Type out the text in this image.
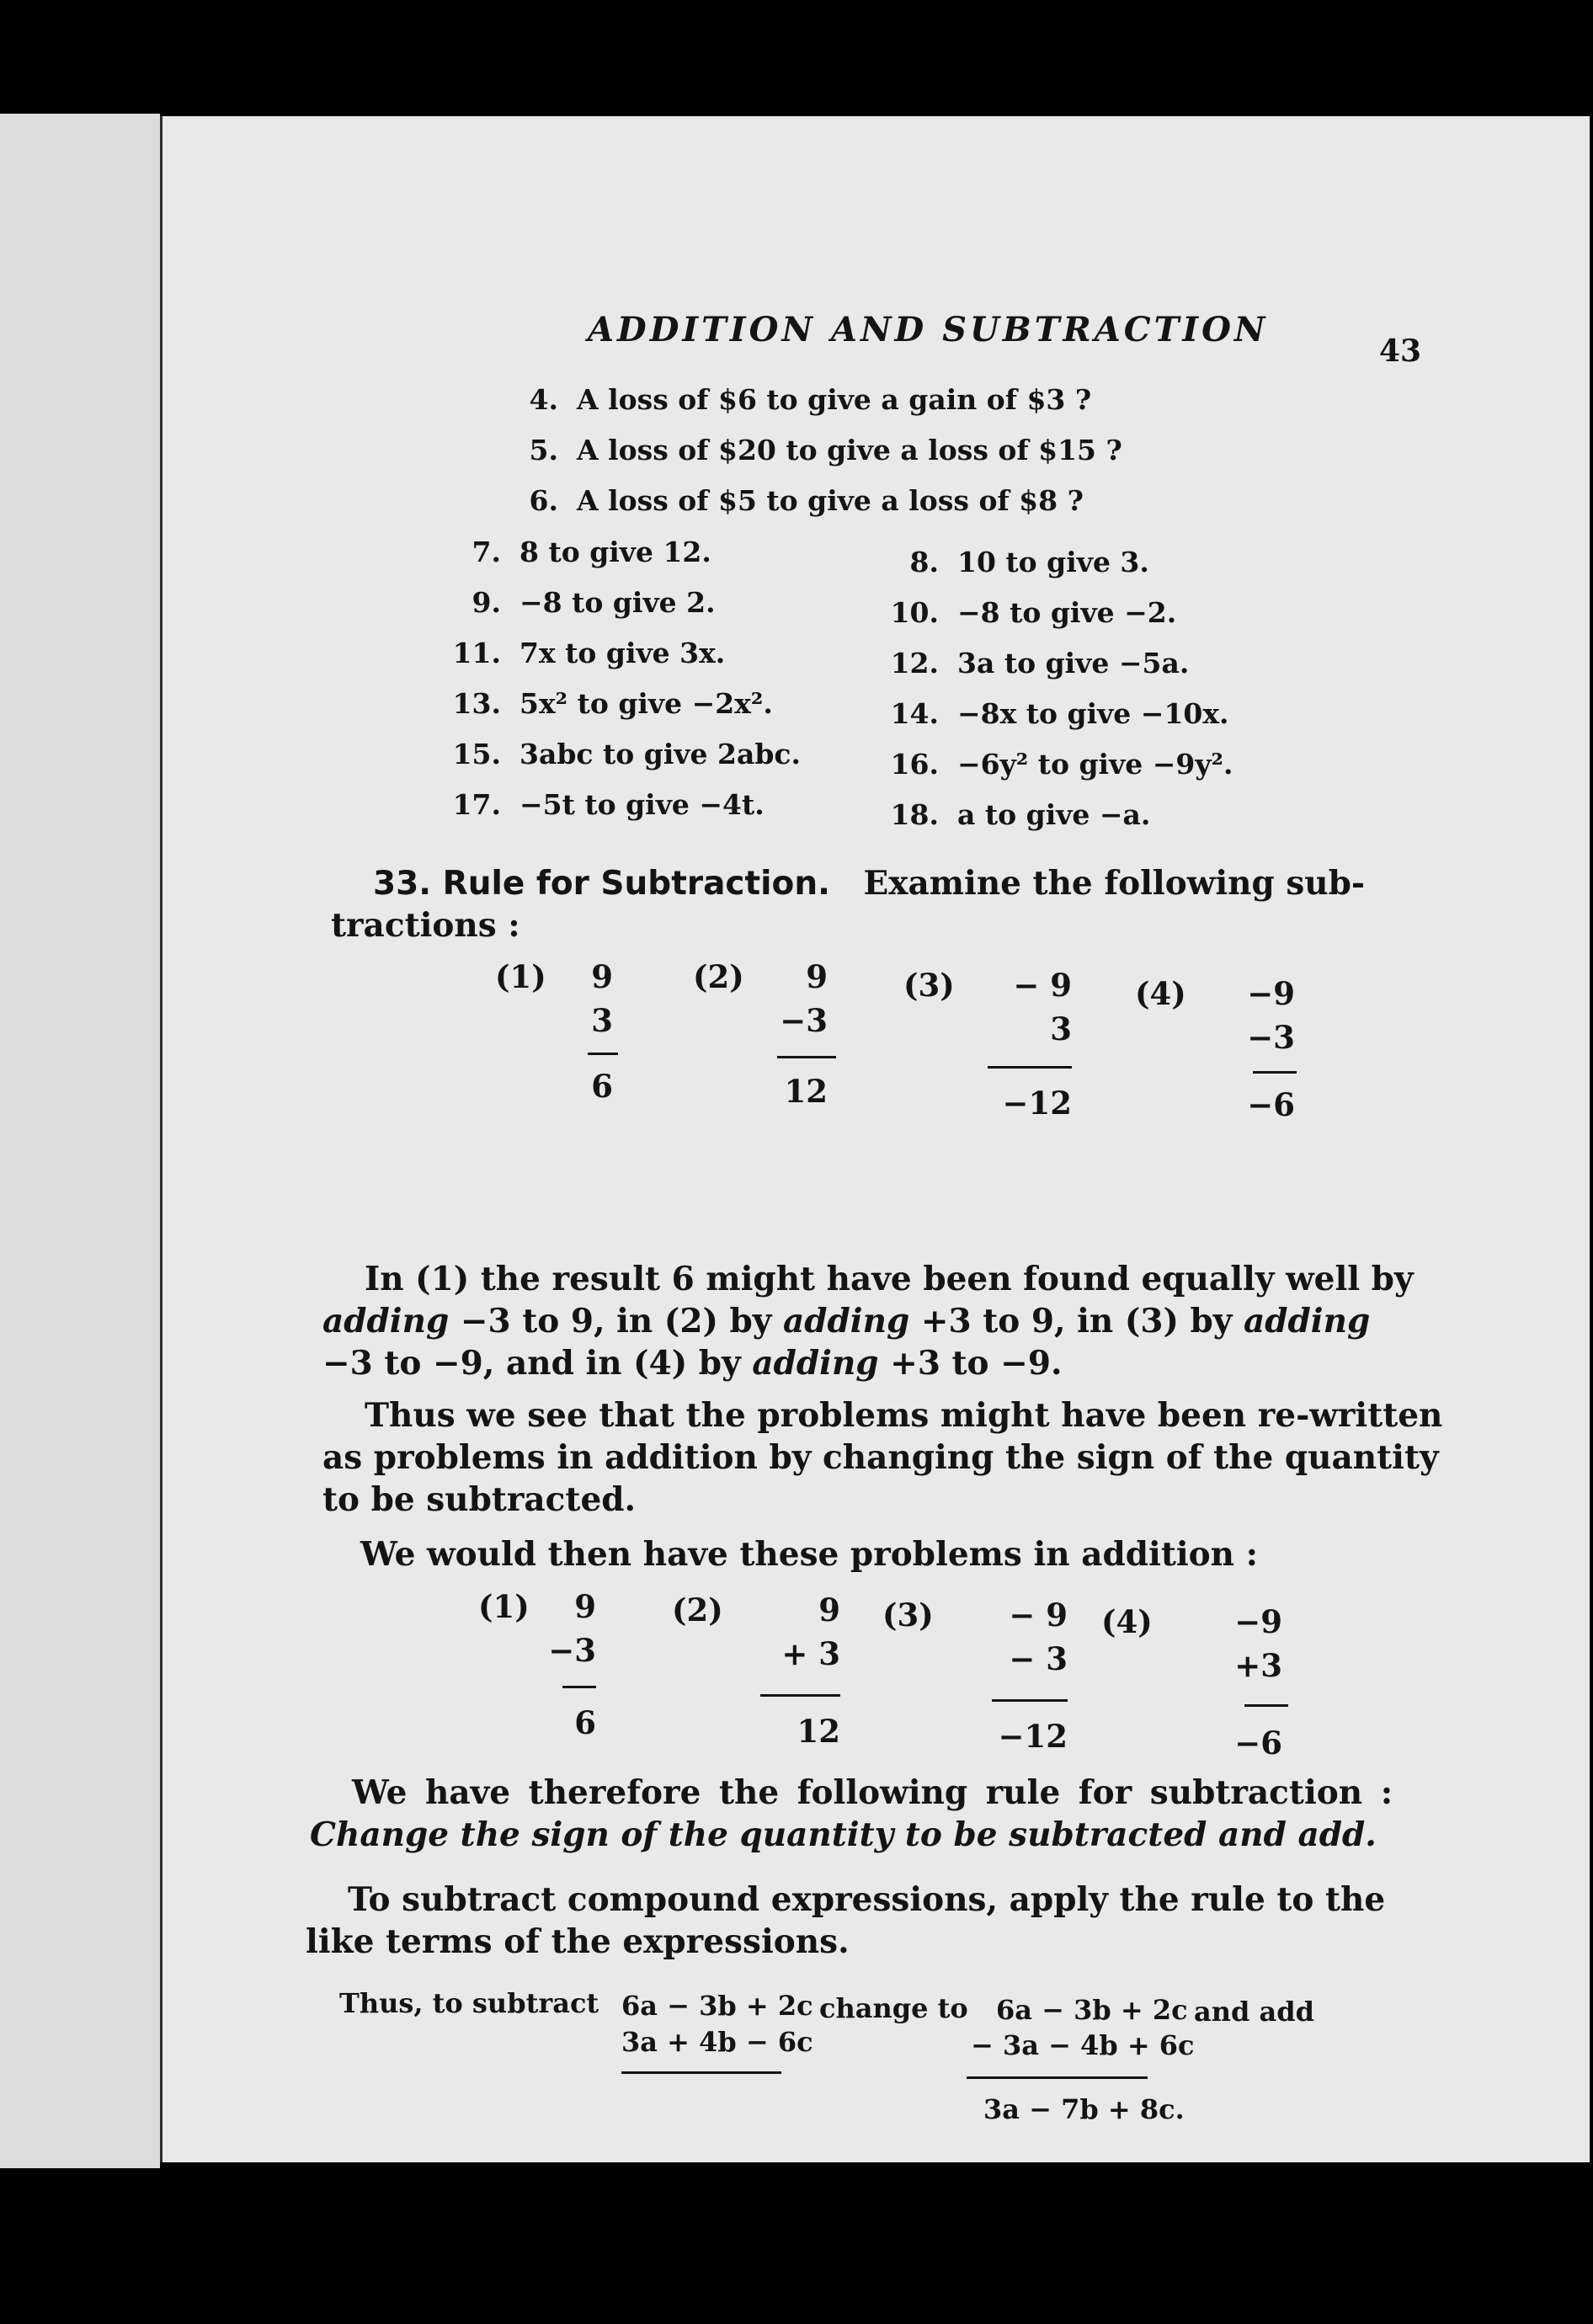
ADDITION AND SUBTRACTION
43
4. A loss of $6 to give a gain of $3 ?
5. A loss of $20 to give a loss of $15 ?
6. A loss of $5 to give a loss of $8 ?
7. 8 to give 12.
9. −8 to give 2.
11. 7x to give 3x.
13. 5x² to give −2x².
15. 3abc to give 2abc.
17. −5t to give −4t.
8. 10 to give 3.
10. −8 to give −2.
12. 3a to give −5a.
14. −8x to give −10x.
16. −6y² to give −9y².
18. a to give −a.
33. Rule for Subtraction. Examine the following sub-
tractions :
(1)	9
3
6
(2)	9
−3
12
(3)	− 9
3
−12
(4)	−9
−3
−6
In (1) the result 6 might have been found equally well by
adding −3 to 9, in (2) by adding +3 to 9, in (3) by adding
−3 to −9, and in (4) by adding +3 to −9.
Thus we see that the problems might have been re-written
as problems in addition by changing the sign of the quantity
to be subtracted.
We would then have these problems in addition :
(1)	9
−3
6
(2)	9
+ 3
12
(3)	− 9
− 3
−12
(4)	−9
+3
−6
We have therefore the following rule for subtraction :
Change the sign of the quantity to be subtracted and add.
To subtract compound expressions, apply the rule to the
like terms of the expressions.
Thus, to subtract 6a − 3b + 2c
3a + 4b − 6c
change to 6a − 3b + 2c
− 3a − 4b + 6c
3a − 7b + 8c.
and add
